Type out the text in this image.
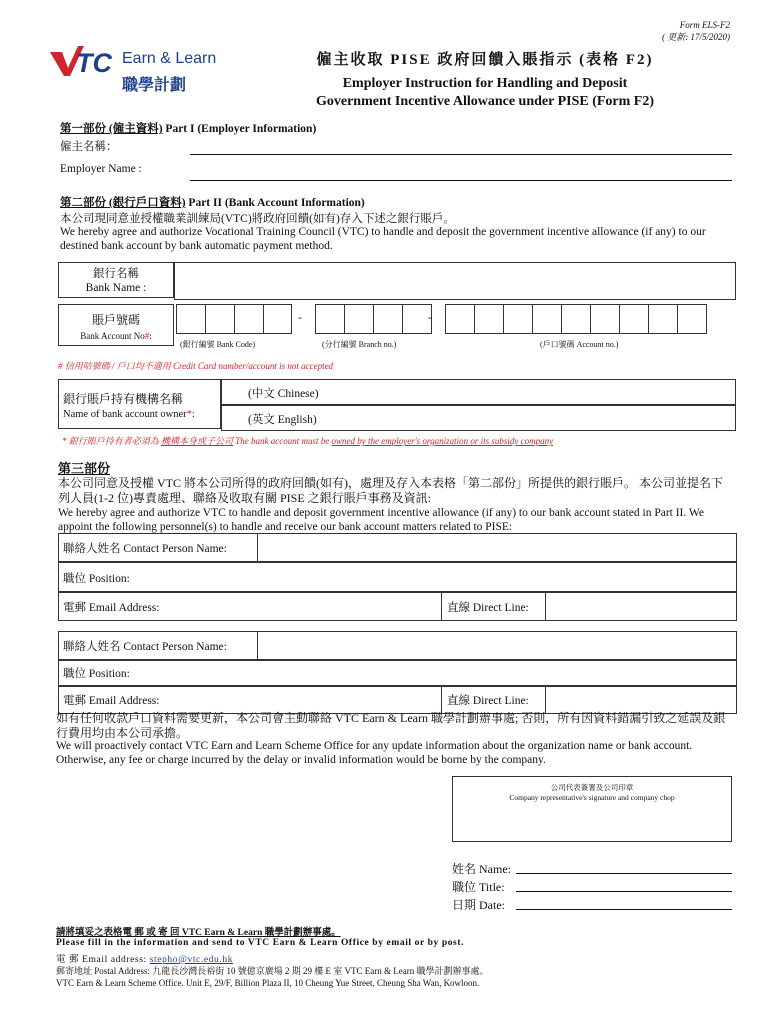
Form ELS-F2
( 更新: 17/5/2020)
TC Earn & Learn
職學計劃
僱主收取 PISE 政府回饋入賬指示 (表格 F2)
Employer Instruction for Handling and Deposit
Government Incentive Allowance under PISE (Form F2)
第一部份 (僱主資料) Part I (Employer Information)
僱主名稱：
Employer Name :
第二部份 (銀行戶口資料) Part II (Bank Account Information)
本公司現同意並授權職業訓練局(VTC)將政府回饋(如有)存入下述之銀行賬戶。
We hereby agree and authorize Vocational Training Council (VTC) to handle and deposit the government incentive allowance (if any) to our destined bank account by bank automatic payment method.
銀行名稱
Bank Name :
賬戶號碼
Bank Account No#:
-	-
(銀行編號 Bank Code)	(分行編號 Branch no.)	(戶口號碼 Account no.)
# 信用咭號碼 / 戶口均不適用 Credit Card number/account is not accepted
銀行賬戶持有機構名稱
Name of bank account owner*:
(中文 Chinese)
(英文 English)
* 銀行賬戶持有者必須為 機構本身或子公司 The bank account must be owned by the employer's organization or its subsidy company
第三部份
本公司同意及授權 VTC 將本公司所得的政府回饋(如有)，處理及存入本表格「第二部份」所提供的銀行賬戶。 本公司並提名下列人員(1-2 位)專責處理、聯絡及收取有關 PISE 之銀行賬戶事務及資訊:
We hereby agree and authorize VTC to handle and deposit government incentive allowance (if any) to our bank account stated in Part II. We appoint the following personnel(s) to handle and receive our bank account matters related to PISE:
聯絡人姓名 Contact Person Name:
職位 Position:
電郵 Email Address:	直線 Direct Line:
聯絡人姓名 Contact Person Name:
職位 Position:
電郵 Email Address:	直線 Direct Line:
如有任何收款戶口資料需要更新，本公司會主動聯絡 VTC Earn & Learn 職學計劃辦事處; 否則，所有因資料錯漏引致之延誤及銀行費用均由本公司承擔。
We will proactively contact VTC Earn and Learn Scheme Office for any update information about the organization name or bank account. Otherwise, any fee or charge incurred by the delay or invalid information would be borne by the company.
公司代表簽署及公司印章
Company representative's signature and company chop
姓名 Name:
職位 Title:
日期 Date:
請將填妥之表格電 郵 或 寄 回 VTC Earn & Learn 職學計劃辦事處。
Please fill in the information and send to VTC Earn & Learn Office by email or by post.
電 郵 Email address: stepho@vtc.edu.hk
郵寄地址 Postal Address: 九龍長沙灣長裕街 10 號億京廣場 2 期 29 樓 E 室 VTC Earn & Learn 職學計劃辦事處。
VTC Earn & Learn Scheme Office. Unit E, 29/F, Billion Plaza II, 10 Cheung Yue Street, Cheung Sha Wan, Kowloon.
